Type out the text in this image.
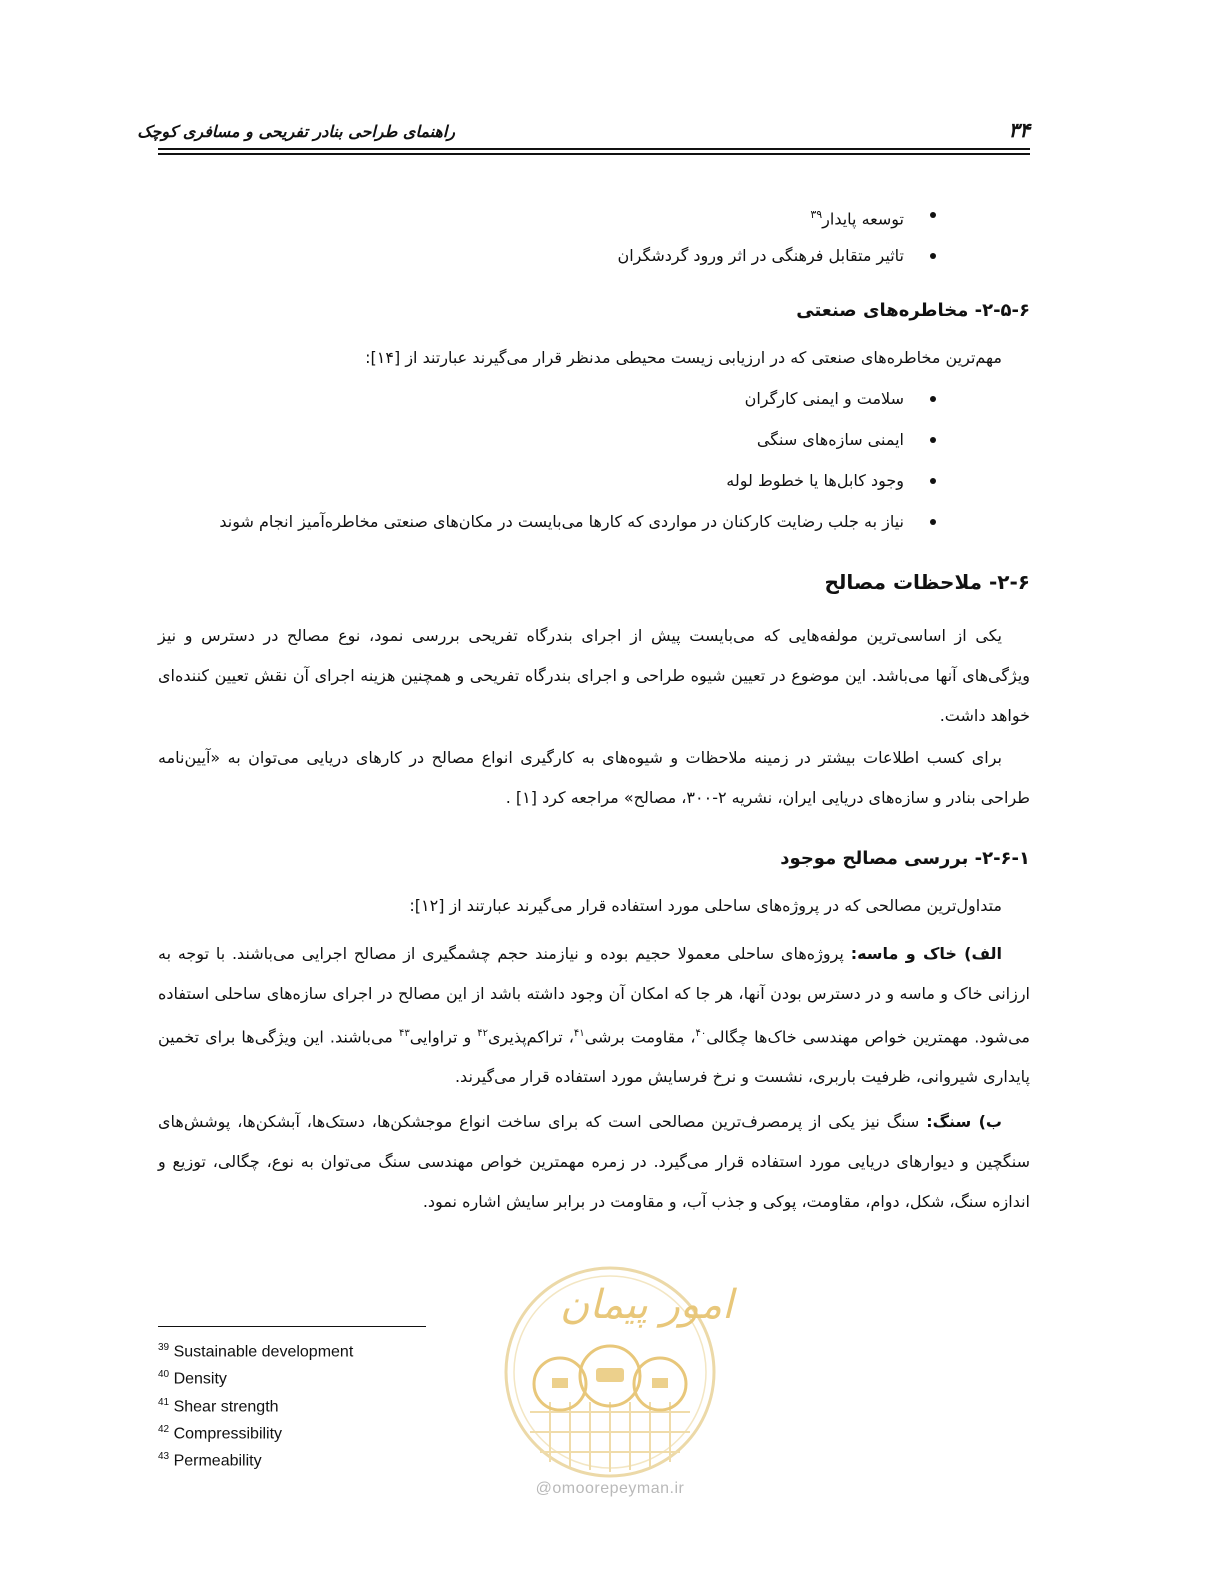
راهنمای طراحی بنادر تفریحی و مسافری کوچک	۳۴
توسعه پایدار$^{۳۹}$
تاثیر متقابل فرهنگی در اثر ورود گردشگران
۲-۵-۶- مخاطره‌های صنعتی
مهم‌ترین مخاطره‌های صنعتی که در ارزیابی زیست محیطی مدنظر قرار می‌گیرند عبارتند از [۱۴]:
سلامت و ایمنی کارگران
ایمنی سازه‌های سنگی
وجود کابل‌ها یا خطوط لوله
نیاز به جلب رضایت کارکنان در مواردی که کارها می‌بایست در مکان‌های صنعتی مخاطره‌آمیز انجام شوند
۲-۶- ملاحظات مصالح

یکی از اساسی‌ترین مولفه‌هایی که می‌بایست پیش از اجرای بندرگاه تفریحی بررسی نمود، نوع مصالح در دسترس و نیز ویژگی‌های آنها می‌باشد. این موضوع در تعیین شیوه طراحی و اجرای بندرگاه تفریحی و همچنین هزینه اجرای آن نقش تعیین کننده‌ای خواهد داشت.

برای کسب اطلاعات بیشتر در زمینه ملاحظات و شیوه‌های به کارگیری انواع مصالح در کارهای دریایی می‌توان به «آیین‌نامه طراحی بنادر و سازه‌های دریایی ایران، نشریه ۲-۳۰۰، مصالح» مراجعه کرد [۱] .

۲-۶-۱- بررسی مصالح موجود
متداول‌ترین مصالحی که در پروژه‌های ساحلی مورد استفاده قرار می‌گیرند عبارتند از [۱۲]:

الف) خاک و ماسه: پروژه‌های ساحلی معمولا حجیم بوده و نیازمند حجم چشمگیری از مصالح اجرایی می‌باشند. با توجه به ارزانی خاک و ماسه و در دسترس بودن آنها، هر جا که امکان آن وجود داشته باشد از این مصالح در اجرای سازه‌های ساحلی استفاده می‌شود. مهمترین خواص مهندسی خاک‌ها چگالی$^{۴۰}$، مقاومت برشی$^{۴۱}$، تراکم‌پذیری$^{۴۲}$ و تراوایی$^{۴۳}$ می‌باشند. این ویژگی‌ها برای تخمین پایداری شیروانی، ظرفیت باربری، نشست و نرخ فرسایش مورد استفاده قرار می‌گیرند.

ب) سنگ: سنگ نیز یکی از پرمصرف‌ترین مصالحی است که برای ساخت انواع موجشکن‌ها، دستک‌ها، آبشکن‌ها، پوشش‌های سنگچین و دیوارهای دریایی مورد استفاده قرار می‌گیرد. در زمره مهمترین خواص مهندسی سنگ می‌توان به نوع، چگالی، توزیع و اندازه سنگ، شکل، دوام، مقاومت، پوکی و جذب آب، و مقاومت در برابر سایش اشاره نمود.

امور پیمان
@omoorepeyman.ir
$^{39}$ Sustainable development
$^{40}$ Density
$^{41}$ Shear strength
$^{42}$ Compressibility
$^{43}$ Permeability
